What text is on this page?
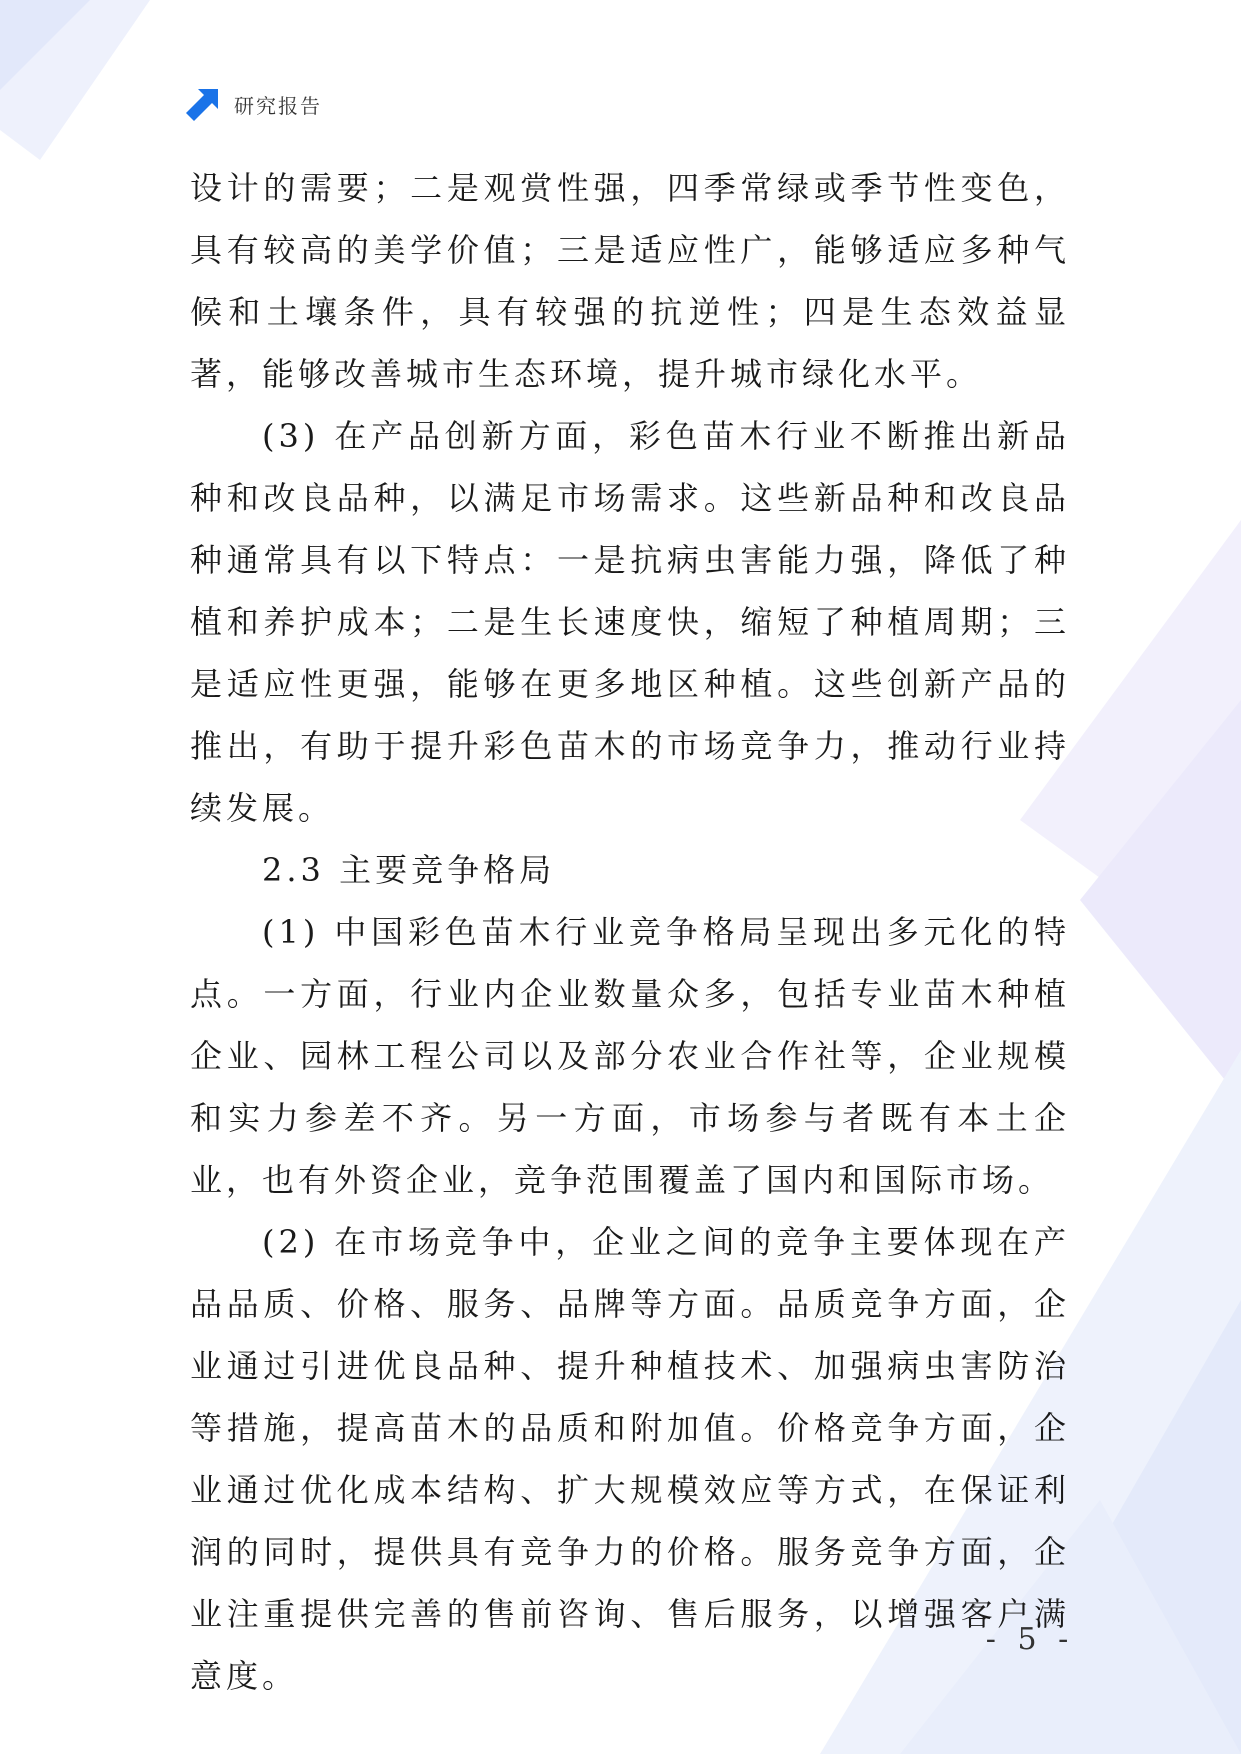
研究报告

设计的需要；二是观赏性强，四季常绿或季节性变色，具有较高的美学价值；三是适应性广，能够适应多种气候和土壤条件，具有较强的抗逆性；四是生态效益显著，能够改善城市生态环境，提升城市绿化水平。

(3) 在产品创新方面，彩色苗木行业不断推出新品种和改良品种，以满足市场需求。这些新品种和改良品种通常具有以下特点：一是抗病虫害能力强，降低了种植和养护成本；二是生长速度快，缩短了种植周期；三是适应性更强，能够在更多地区种植。这些创新产品的推出，有助于提升彩色苗木的市场竞争力，推动行业持续发展。

2.3 主要竞争格局

(1) 中国彩色苗木行业竞争格局呈现出多元化的特点。一方面，行业内企业数量众多，包括专业苗木种植企业、园林工程公司以及部分农业合作社等，企业规模和实力参差不齐。另一方面，市场参与者既有本土企业，也有外资企业，竞争范围覆盖了国内和国际市场。

(2) 在市场竞争中，企业之间的竞争主要体现在产品品质、价格、服务、品牌等方面。品质竞争方面，企业通过引进优良品种、提升种植技术、加强病虫害防治等措施，提高苗木的品质和附加值。价格竞争方面，企业通过优化成本结构、扩大规模效应等方式，在保证利润的同时，提供具有竞争力的价格。服务竞争方面，企业注重提供完善的售前咨询、售后服务，以增强客户满意度。

- 5 -
